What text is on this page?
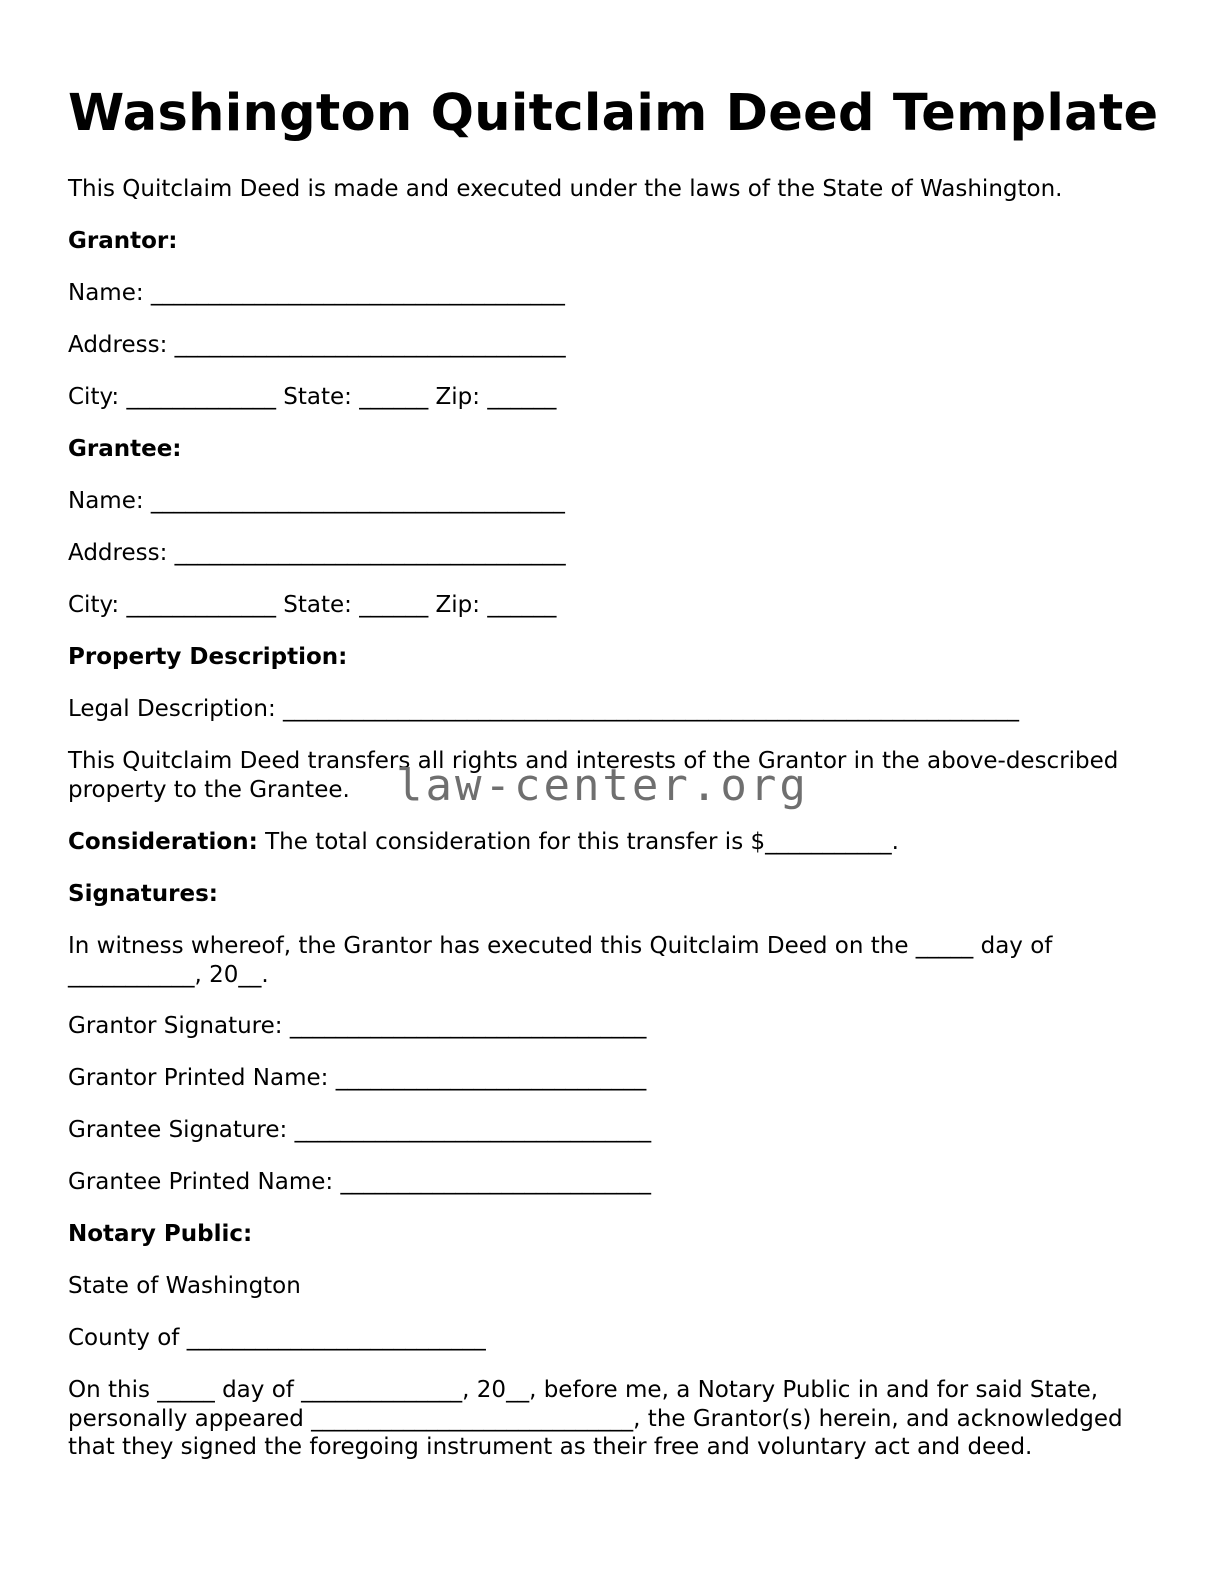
Washington Quitclaim Deed Template

This Quitclaim Deed is made and executed under the laws of the State of Washington.

Grantor:

Name: ____________________________________

Address: __________________________________

City: _____________ State: ______ Zip: ______

Grantee:

Name: ____________________________________

Address: __________________________________

City: _____________ State: ______ Zip: ______

Property Description:

Legal Description: ________________________________________________________________

This Quitclaim Deed transfers all rights and interests of the Grantor in the above-described property to the Grantee.

Consideration: The total consideration for this transfer is $___________.

Signatures:

In witness whereof, the Grantor has executed this Quitclaim Deed on the _____ day of ___________, 20__.

Grantor Signature: _______________________________

Grantor Printed Name: ___________________________

Grantee Signature: _______________________________

Grantee Printed Name: ___________________________

Notary Public:

State of Washington

County of __________________________

On this _____ day of ______________, 20__, before me, a Notary Public in and for said State, personally appeared ____________________________, the Grantor(s) herein, and acknowledged that they signed the foregoing instrument as their free and voluntary act and deed.

law-center.org
